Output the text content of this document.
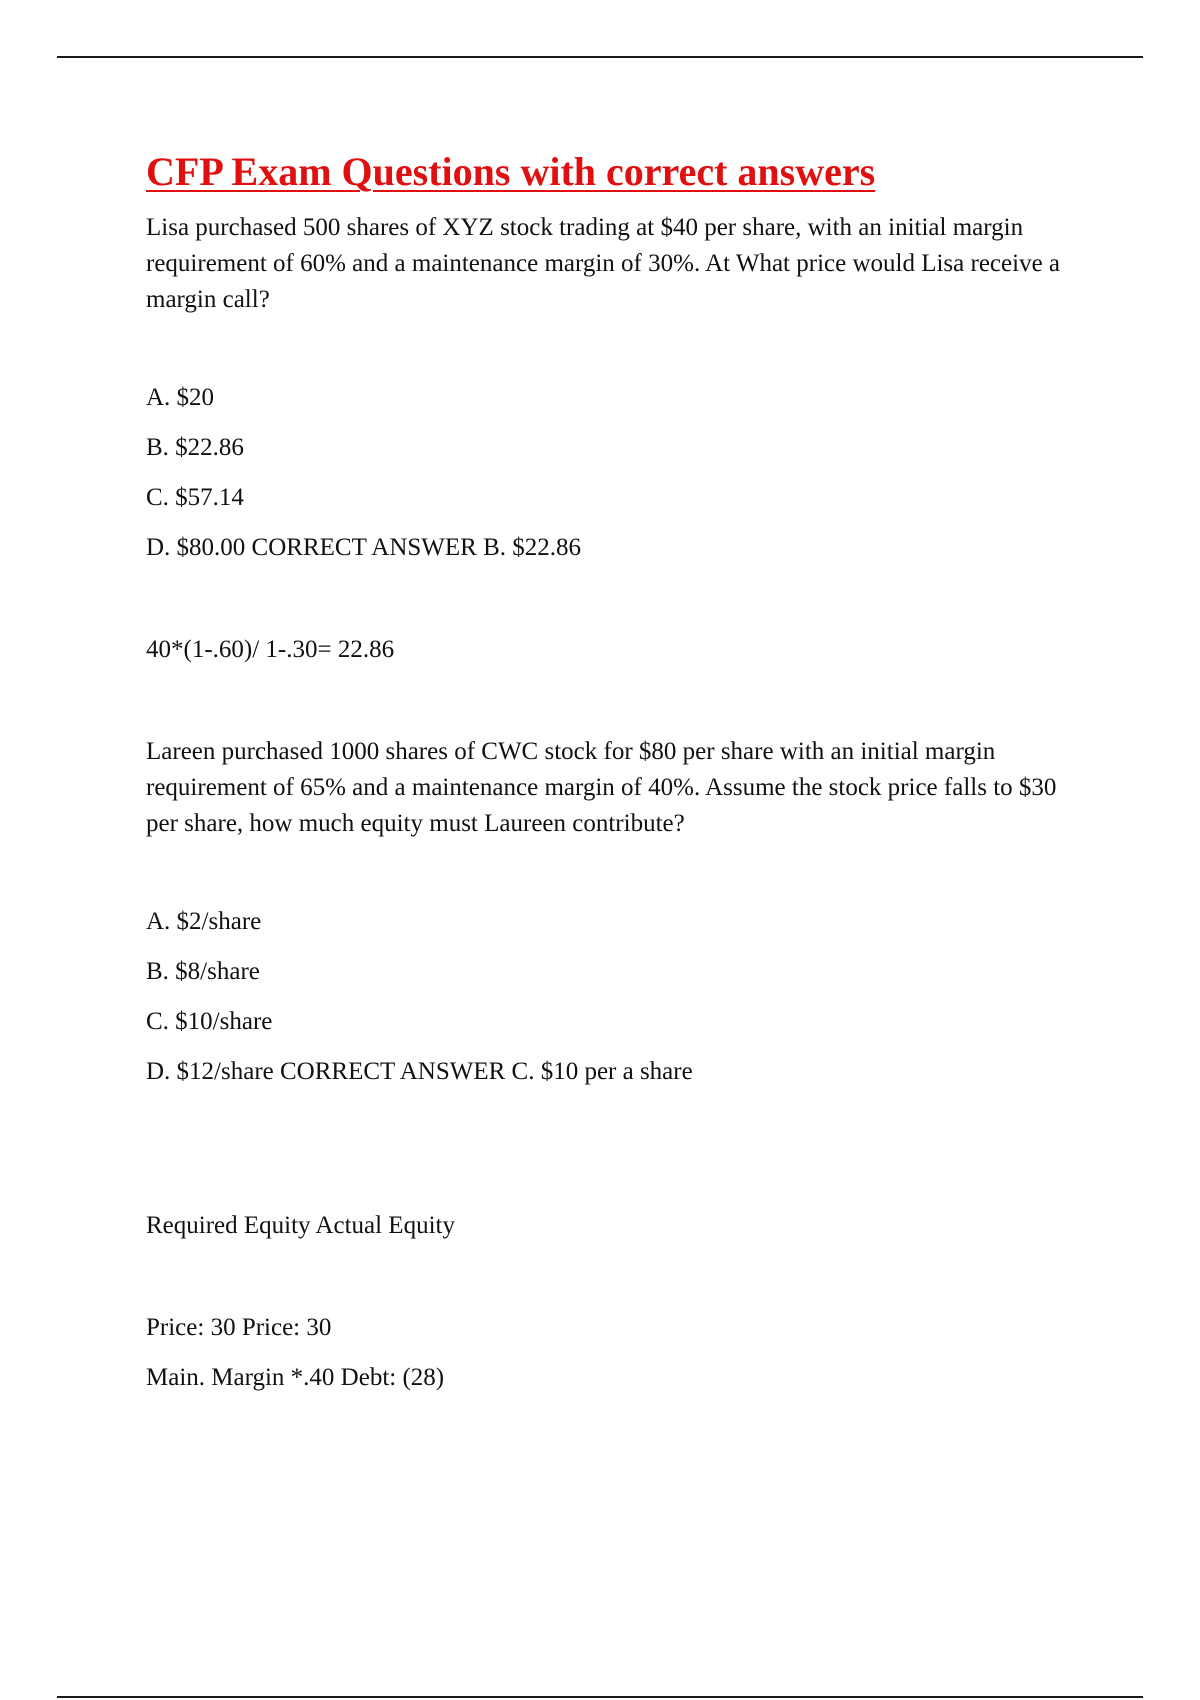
CFP Exam Questions with correct answers

Lisa purchased 500 shares of XYZ stock trading at $40 per share, with an initial margin requirement of 60% and a maintenance margin of 30%. At What price would Lisa receive a margin call?

A. $20

B. $22.86

C. $57.14

D. $80.00 CORRECT ANSWER B. $22.86

40*(1-.60)/ 1-.30= 22.86

Lareen purchased 1000 shares of CWC stock for $80 per share with an initial margin requirement of 65% and a maintenance margin of 40%. Assume the stock price falls to $30 per share, how much equity must Laureen contribute?

A. $2/share

B. $8/share

C. $10/share

D. $12/share CORRECT ANSWER C. $10 per a share

Required Equity Actual Equity

Price: 30 Price: 30

Main. Margin *.40 Debt: (28)
